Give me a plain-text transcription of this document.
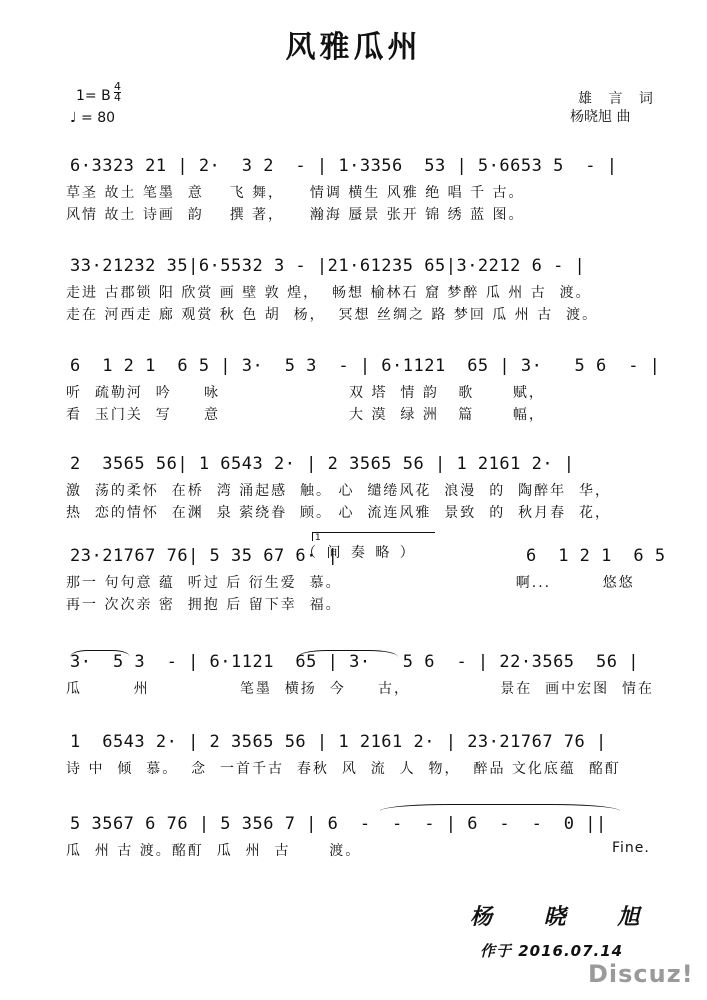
风雅瓜州
1= B
4
4
♩ = 80
雄 言 词
杨晓旭 曲
6·3323 21 | 2·  3 2  - | 1·3356  53 | 5·6653 5  - |
草圣 故土 笔墨  意    飞 舞，    情调 横生 风雅 绝 唱 千 古。
风情 故土 诗画  韵    撰 著，    瀚海 蜃景 张开 锦 绣 蓝 图。
33·21232 35|6·5532 3 - |21·61235 65|3·2212 6 - |
走进 古郡锁 阳 欣赏 画 壁 敦 煌，  畅想 榆林石 窟 梦醉 瓜 州 古  渡。
走在 河西走 廊 观赏 秋 色 胡  杨，  冥想 丝绸之 路 梦回 瓜 州 古  渡。
6  1 2 1  6 5 | 3·  5 3  - | 6·1121  65 | 3·   5 6  - |
听  疏勒河  吟     咏                    双 塔  情 韵   歌      赋，
看  玉门关  写     意                    大 漠  绿 洲   篇      幅，
2  3565 56| 1 6543 2· | 2 3565 56 | 1 2161 2· |
激  荡的柔怀  在桥  湾 涌起感  触。 心  缱绻风花  浪漫  的  陶醉年  华，
热  恋的情怀  在渊  泉 萦绕眷  顾。 心  流连风雅  景致  的  秋月春  花，
23·21767 76| 5 35 67 6· |	6  1 2 1  6 5
那一 句句意 蕴  听过 后 衍生爱  慕。                           啊...        悠悠
再一 次次亲 密  拥抱 后 留下幸  福。
1
（ 间 奏 略 ）
3·  5 3  - | 6·1121  65 | 3·   5 6  - | 22·3565  56 |
瓜        州              笔墨  横扬  今     古，              景在  画中宏图  情在
1  6543 2· | 2 3565 56 | 1 2161 2· | 23·21767 76 |
诗 中  倾  慕。  念  一首千古  春秋  风  流  人  物，  醉品 文化底蕴  酩酊
5 3567 6 76 | 5 356 7 | 6  -  -  - | 6  -  -  0 ||
瓜  州 古 渡。酩酊  瓜  州  古      渡。	Fine.
杨 晓 旭
作于 2016.07.14
Discuz!
